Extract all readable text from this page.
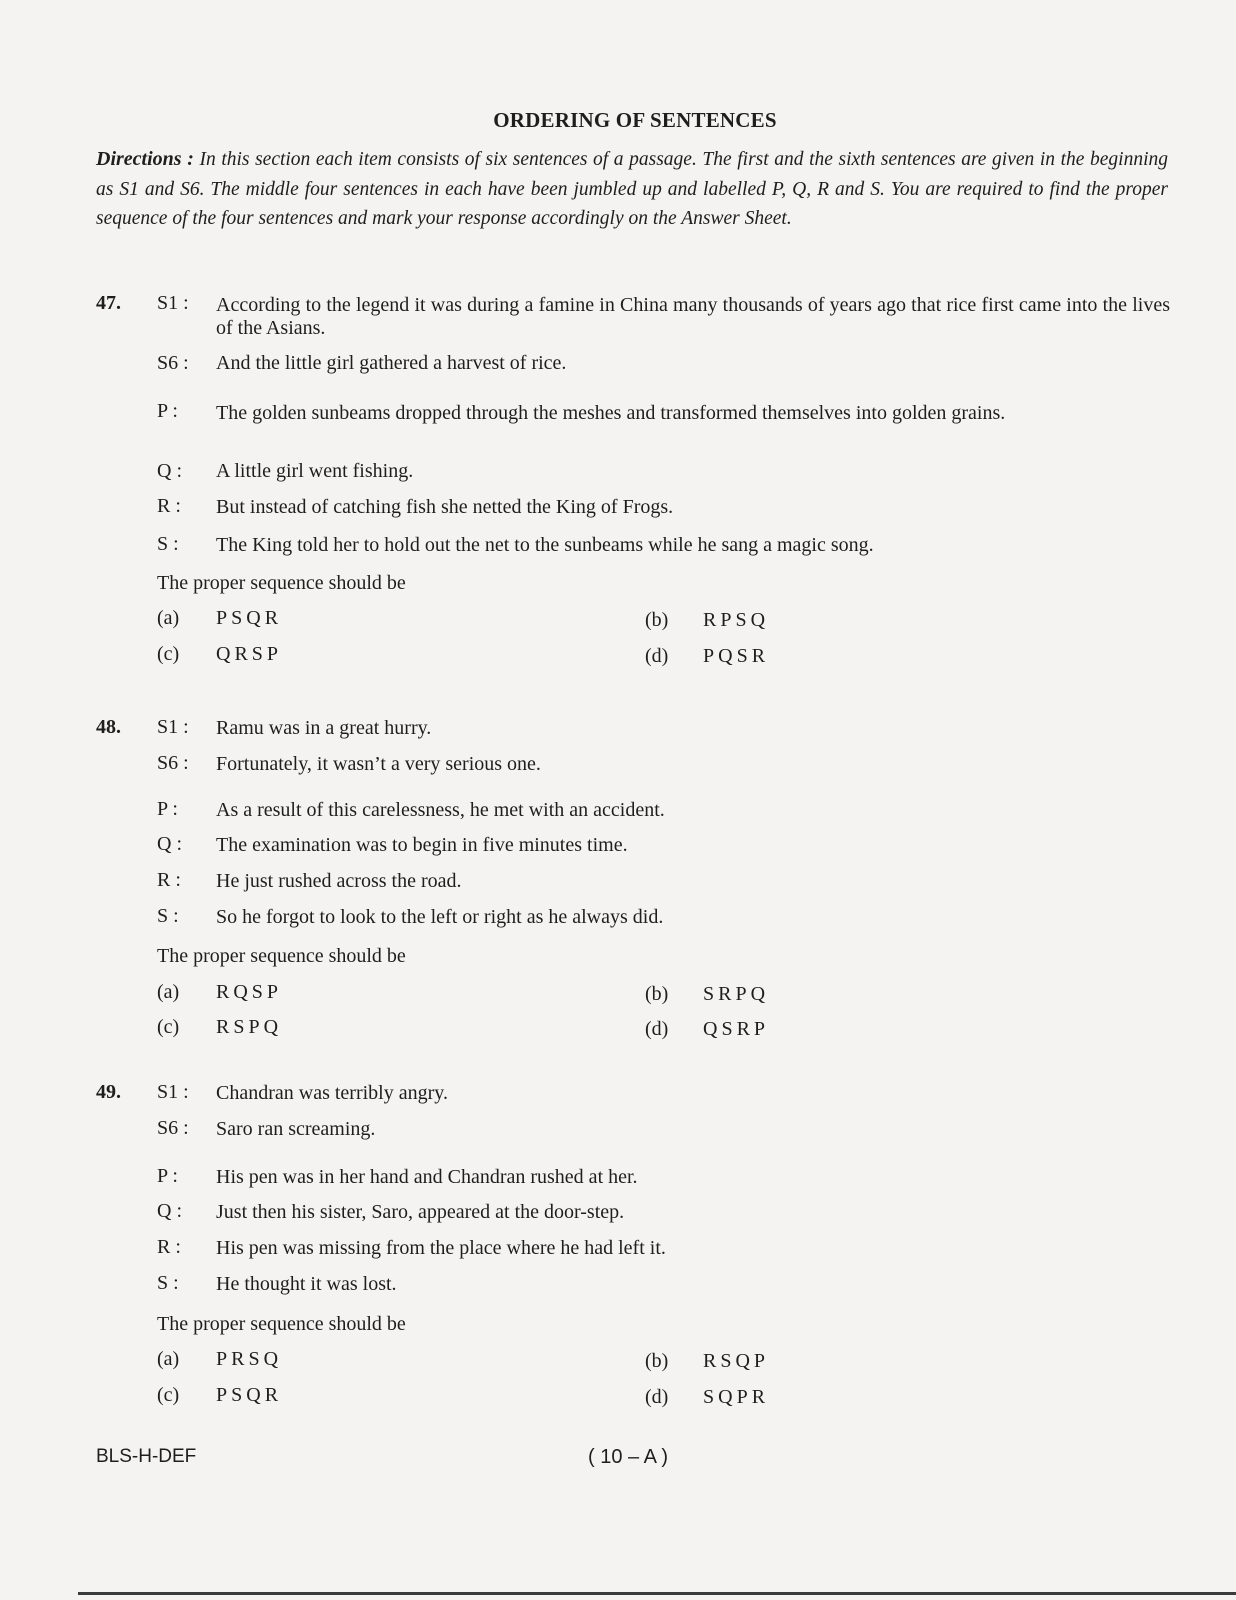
ORDERING OF SENTENCES
Directions : In this section each item consists of six sentences of a passage. The first and the sixth sentences are given in the beginning as S1 and S6. The middle four sentences in each have been jumbled up and labelled P, Q, R and S. You are required to find the proper sequence of the four sentences and mark your response accordingly on the Answer Sheet.
47. S1 : According to the legend it was during a famine in China many thousands of years ago that rice first came into the lives of the Asians.
S6 : And the little girl gathered a harvest of rice.
P : The golden sunbeams dropped through the meshes and transformed themselves into golden grains.
Q : A little girl went fishing.
R : But instead of catching fish she netted the King of Frogs.
S : The King told her to hold out the net to the sunbeams while he sang a magic song.
The proper sequence should be
(a) PSQR	(b) RPSQ
(c) QRSP	(d) PQSR
48. S1 : Ramu was in a great hurry.
S6 : Fortunately, it wasn’t a very serious one.
P : As a result of this carelessness, he met with an accident.
Q : The examination was to begin in five minutes time.
R : He just rushed across the road.
S : So he forgot to look to the left or right as he always did.
The proper sequence should be
(a) RQSP	(b) SRPQ
(c) RSPQ	(d) QSRP
49. S1 : Chandran was terribly angry.
S6 : Saro ran screaming.
P : His pen was in her hand and Chandran rushed at her.
Q : Just then his sister, Saro, appeared at the door-step.
R : His pen was missing from the place where he had left it.
S : He thought it was lost.
The proper sequence should be
(a) PRSQ	(b) RSQP
(c) PSQR	(d) SQPR
BLS-H-DEF	( 10 – A )
